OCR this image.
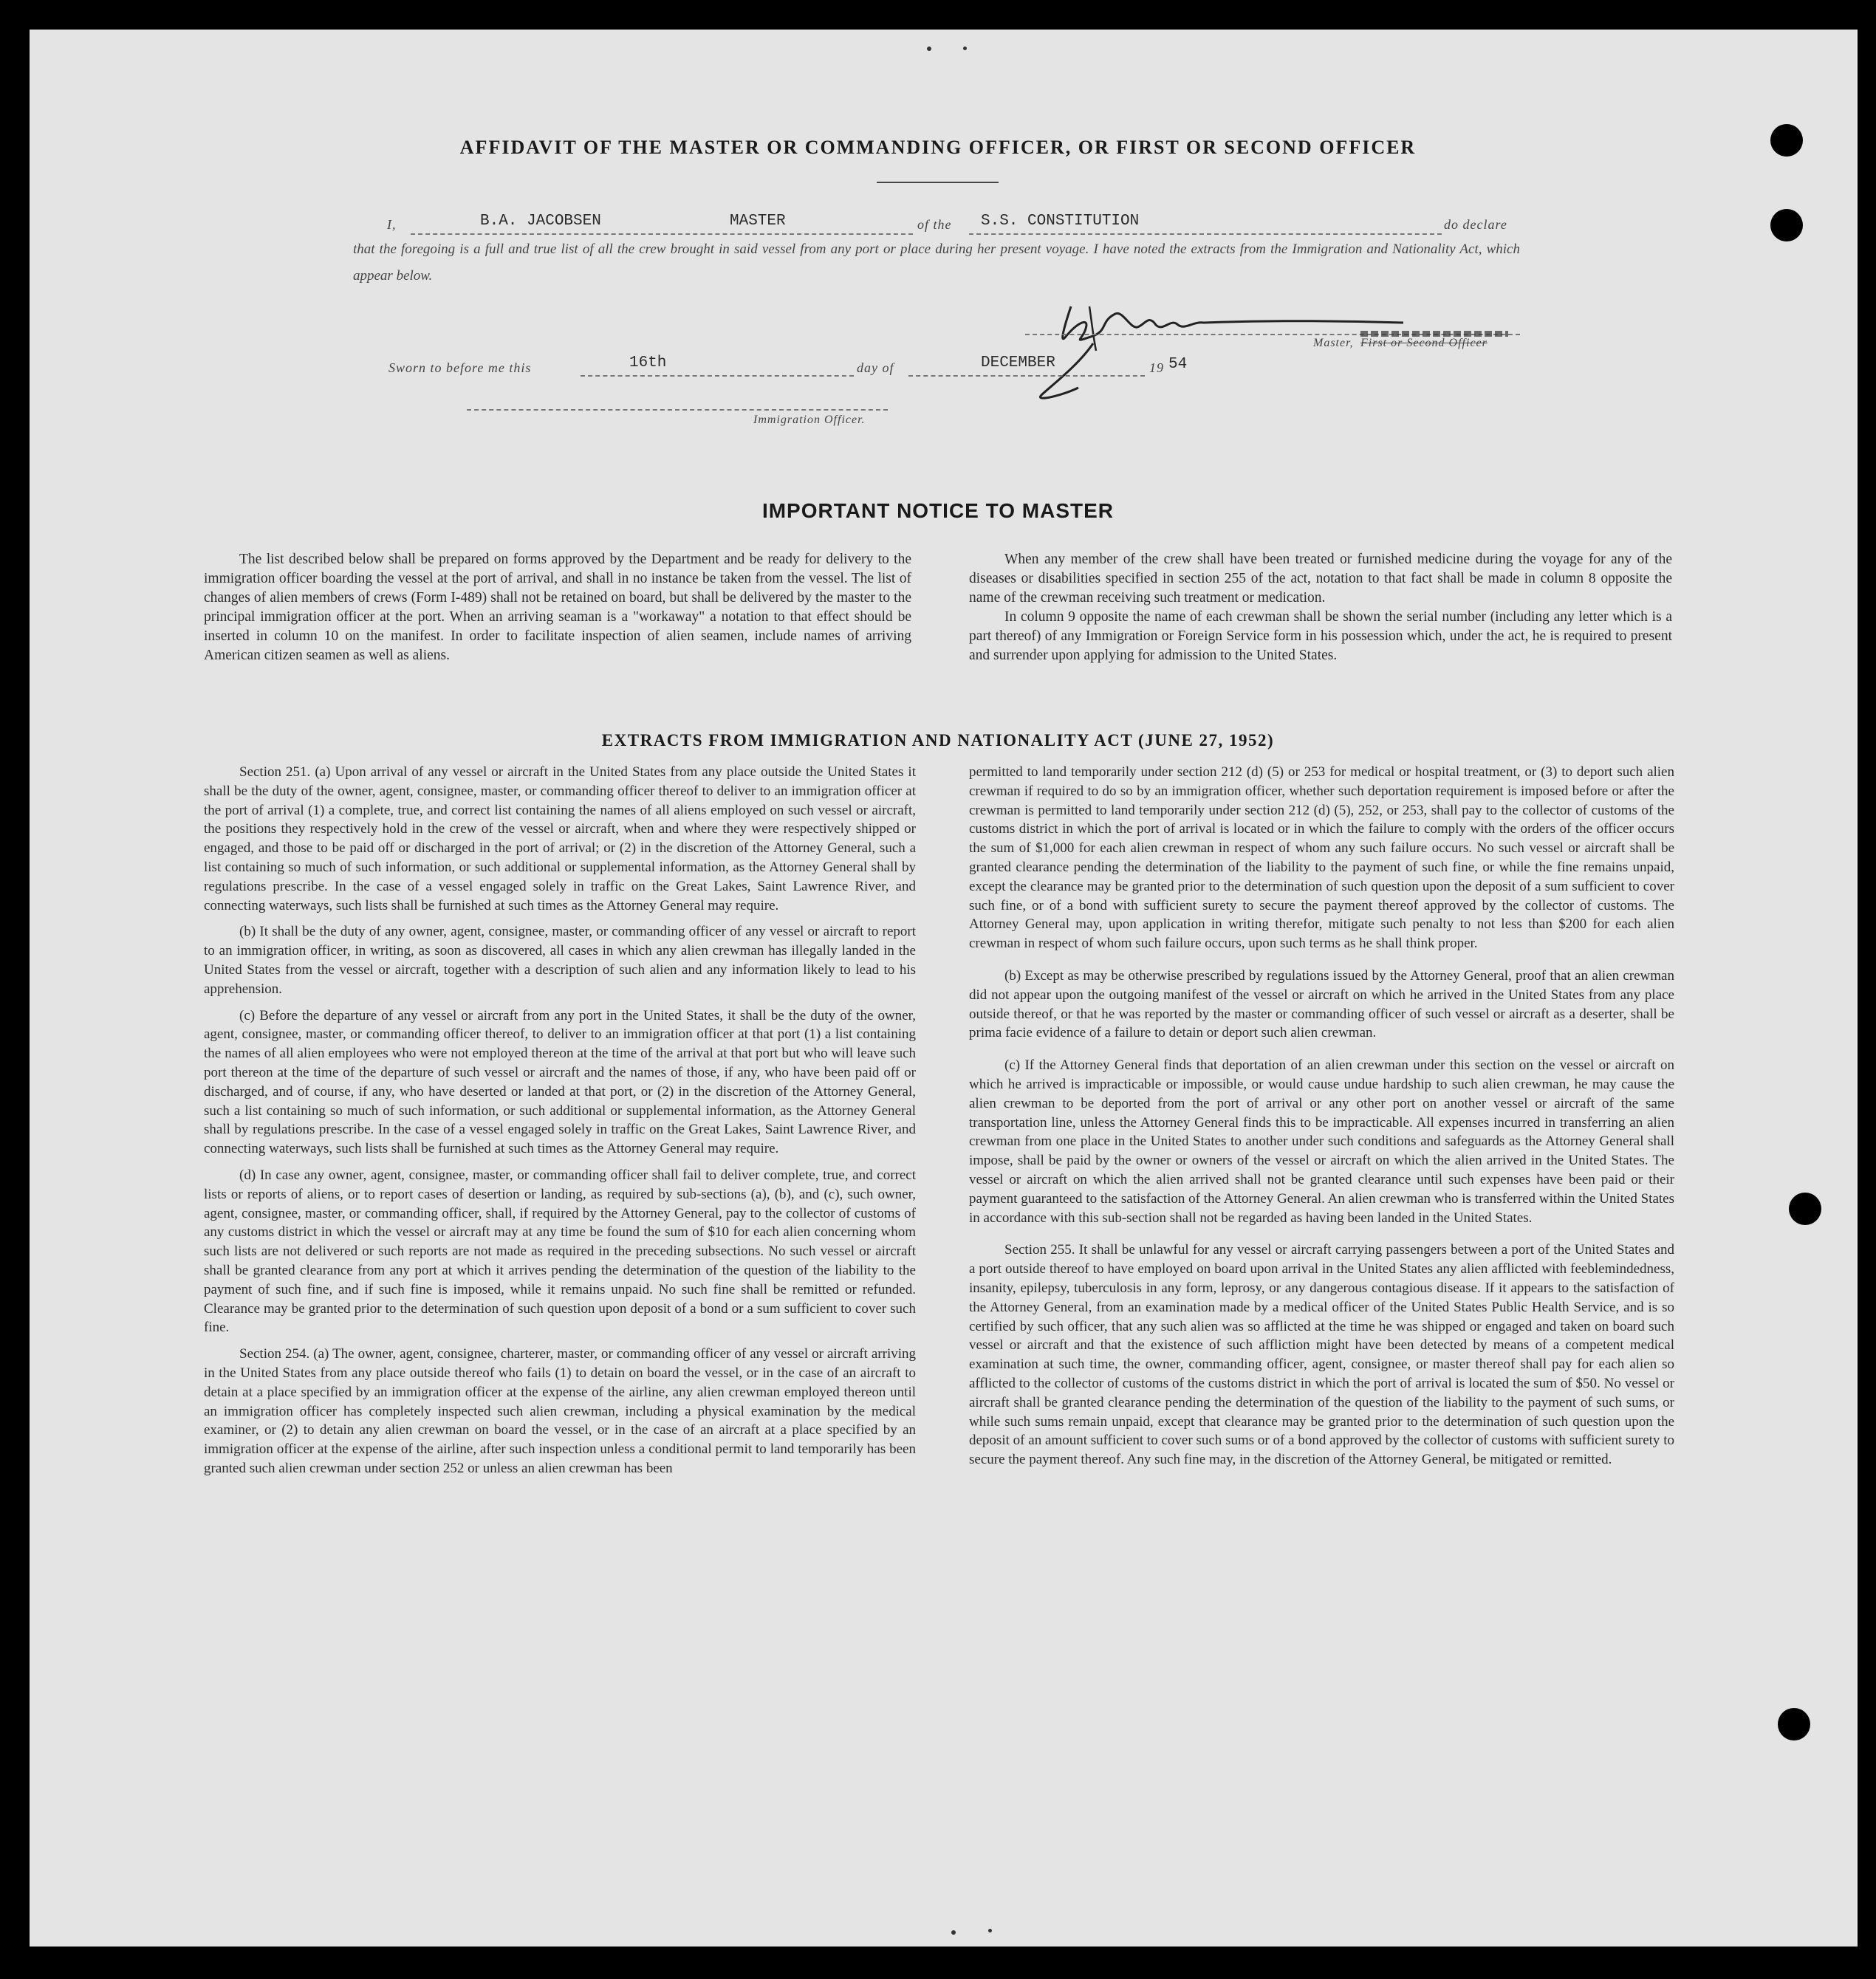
AFFIDAVIT OF THE MASTER OR COMMANDING OFFICER, OR FIRST OR SECOND OFFICER
I,	B.A. JACOBSEN	MASTER	of the S.S. CONSTITUTION	do declare
that the foregoing is a full and true list of all the crew brought in said vessel from any port or place during her present voyage. I have noted the extracts from the Immigration and Nationality Act, which appear below.
Master, First or Second Officer
Sworn to before me this	16th	day of	DECEMBER	19 54
Immigration Officer.
IMPORTANT NOTICE TO MASTER

The list described below shall be prepared on forms approved by the Department and be ready for delivery to the immigration officer boarding the vessel at the port of arrival, and shall in no instance be taken from the vessel. The list of changes of alien members of crews (Form I-489) shall not be retained on board, but shall be delivered by the master to the principal immigration officer at the port. When an arriving seaman is a "workaway" a notation to that effect should be inserted in column 10 on the manifest. In order to facilitate inspection of alien seamen, include names of arriving American citizen seamen as well as aliens.

When any member of the crew shall have been treated or furnished medicine during the voyage for any of the diseases or disabilities specified in section 255 of the act, notation to that fact shall be made in column 8 opposite the name of the crewman receiving such treatment or medication.

In column 9 opposite the name of each crewman shall be shown the serial number (including any letter which is a part thereof) of any Immigration or Foreign Service form in his possession which, under the act, he is required to present and surrender upon applying for admission to the United States.

EXTRACTS FROM IMMIGRATION AND NATIONALITY ACT (JUNE 27, 1952)

Section 251. (a) Upon arrival of any vessel or aircraft in the United States from any place outside the United States it shall be the duty of the owner, agent, consignee, master, or commanding officer thereof to deliver to an immigration officer at the port of arrival (1) a complete, true, and correct list containing the names of all aliens employed on such vessel or aircraft, the positions they respectively hold in the crew of the vessel or aircraft, when and where they were respectively shipped or engaged, and those to be paid off or discharged in the port of arrival; or (2) in the discretion of the Attorney General, such a list containing so much of such information, or such additional or supplemental information, as the Attorney General shall by regulations prescribe. In the case of a vessel engaged solely in traffic on the Great Lakes, Saint Lawrence River, and connecting waterways, such lists shall be furnished at such times as the Attorney General may require.

(b) It shall be the duty of any owner, agent, consignee, master, or commanding officer of any vessel or aircraft to report to an immigration officer, in writing, as soon as discovered, all cases in which any alien crewman has illegally landed in the United States from the vessel or aircraft, together with a description of such alien and any information likely to lead to his apprehension.

(c) Before the departure of any vessel or aircraft from any port in the United States, it shall be the duty of the owner, agent, consignee, master, or commanding officer thereof, to deliver to an immigration officer at that port (1) a list containing the names of all alien employees who were not employed thereon at the time of the arrival at that port but who will leave such port thereon at the time of the departure of such vessel or aircraft and the names of those, if any, who have been paid off or discharged, and of course, if any, who have deserted or landed at that port, or (2) in the discretion of the Attorney General, such a list containing so much of such information, or such additional or supplemental information, as the Attorney General shall by regulations prescribe. In the case of a vessel engaged solely in traffic on the Great Lakes, Saint Lawrence River, and connecting waterways, such lists shall be furnished at such times as the Attorney General may require.

(d) In case any owner, agent, consignee, master, or commanding officer shall fail to deliver complete, true, and correct lists or reports of aliens, or to report cases of desertion or landing, as required by sub-sections (a), (b), and (c), such owner, agent, consignee, master, or commanding officer, shall, if required by the Attorney General, pay to the collector of customs of any customs district in which the vessel or aircraft may at any time be found the sum of $10 for each alien concerning whom such lists are not delivered or such reports are not made as required in the preceding subsections. No such vessel or aircraft shall be granted clearance from any port at which it arrives pending the determination of the question of the liability to the payment of such fine, and if such fine is imposed, while it remains unpaid. No such fine shall be remitted or refunded. Clearance may be granted prior to the determination of such question upon deposit of a bond or a sum sufficient to cover such fine.

Section 254. (a) The owner, agent, consignee, charterer, master, or commanding officer of any vessel or aircraft arriving in the United States from any place outside thereof who fails (1) to detain on board the vessel, or in the case of an aircraft to detain at a place specified by an immigration officer at the expense of the airline, any alien crewman employed thereon until an immigration officer has completely inspected such alien crewman, including a physical examination by the medical examiner, or (2) to detain any alien crewman on board the vessel, or in the case of an aircraft at a place specified by an immigration officer at the expense of the airline, after such inspection unless a conditional permit to land temporarily has been granted such alien crewman under section 252 or unless an alien crewman has been

permitted to land temporarily under section 212 (d) (5) or 253 for medical or hospital treatment, or (3) to deport such alien crewman if required to do so by an immigration officer, whether such deportation requirement is imposed before or after the crewman is permitted to land temporarily under section 212 (d) (5), 252, or 253, shall pay to the collector of customs of the customs district in which the port of arrival is located or in which the failure to comply with the orders of the officer occurs the sum of $1,000 for each alien crewman in respect of whom any such failure occurs. No such vessel or aircraft shall be granted clearance pending the determination of the liability to the payment of such fine, or while the fine remains unpaid, except the clearance may be granted prior to the determination of such question upon the deposit of a sum sufficient to cover such fine, or of a bond with sufficient surety to secure the payment thereof approved by the collector of customs. The Attorney General may, upon application in writing therefor, mitigate such penalty to not less than $200 for each alien crewman in respect of whom such failure occurs, upon such terms as he shall think proper.

(b) Except as may be otherwise prescribed by regulations issued by the Attorney General, proof that an alien crewman did not appear upon the outgoing manifest of the vessel or aircraft on which he arrived in the United States from any place outside thereof, or that he was reported by the master or commanding officer of such vessel or aircraft as a deserter, shall be prima facie evidence of a failure to detain or deport such alien crewman.

(c) If the Attorney General finds that deportation of an alien crewman under this section on the vessel or aircraft on which he arrived is impracticable or impossible, or would cause undue hardship to such alien crewman, he may cause the alien crewman to be deported from the port of arrival or any other port on another vessel or aircraft of the same transportation line, unless the Attorney General finds this to be impracticable. All expenses incurred in transferring an alien crewman from one place in the United States to another under such conditions and safeguards as the Attorney General shall impose, shall be paid by the owner or owners of the vessel or aircraft on which the alien arrived in the United States. The vessel or aircraft on which the alien arrived shall not be granted clearance until such expenses have been paid or their payment guaranteed to the satisfaction of the Attorney General. An alien crewman who is transferred within the United States in accordance with this sub-section shall not be regarded as having been landed in the United States.

Section 255. It shall be unlawful for any vessel or aircraft carrying passengers between a port of the United States and a port outside thereof to have employed on board upon arrival in the United States any alien afflicted with feeblemindedness, insanity, epilepsy, tuberculosis in any form, leprosy, or any dangerous contagious disease. If it appears to the satisfaction of the Attorney General, from an examination made by a medical officer of the United States Public Health Service, and is so certified by such officer, that any such alien was so afflicted at the time he was shipped or engaged and taken on board such vessel or aircraft and that the existence of such affliction might have been detected by means of a competent medical examination at such time, the owner, commanding officer, agent, consignee, or master thereof shall pay for each alien so afflicted to the collector of customs of the customs district in which the port of arrival is located the sum of $50. No vessel or aircraft shall be granted clearance pending the determination of the question of the liability to the payment of such sums, or while such sums remain unpaid, except that clearance may be granted prior to the determination of such question upon the deposit of an amount sufficient to cover such sums or of a bond approved by the collector of customs with sufficient surety to secure the payment thereof. Any such fine may, in the discretion of the Attorney General, be mitigated or remitted.
